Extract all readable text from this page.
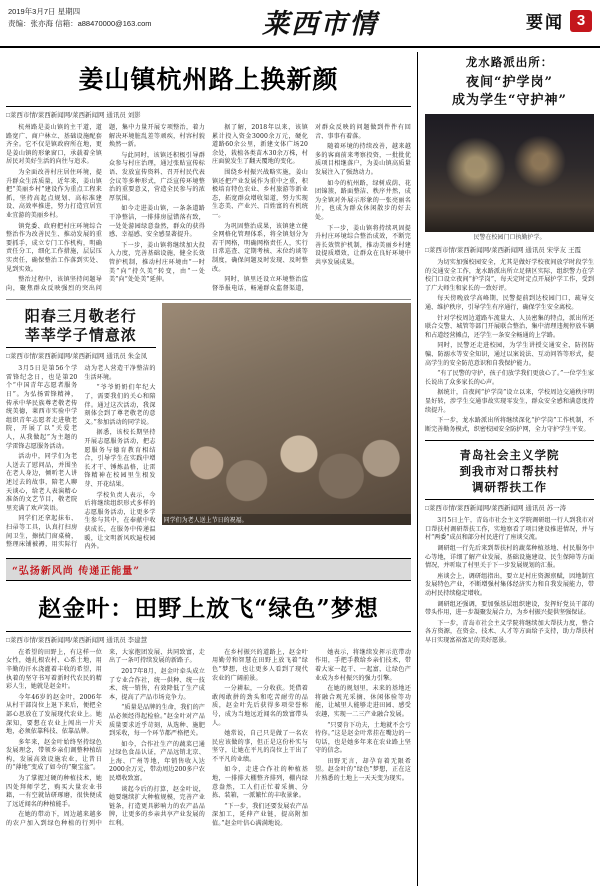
2019年3月7日 星期四
责编：张亦海 信箱：a88470000@163.com	莱西市情	要闻 3
姜山镇杭州路上换新颜
□莱西市情/莱西新闻网/莱西新闻网 通讯员 刘影

杭州路是姜山镇的主干道，道路宽广、商户林立、基础设施配套齐全。它不仅是镇政府所在地，更是姜山镇的形象窗口，承载着全镇居民对美好生活的向往与追求。

为全面改善村庄居住环境，提升群众生活质量，近年来，姜山镇把“美丽乡村”建设作为重点工程来抓，坚持高起点规划、高标准建设、高效率推进，努力打造宜居宜业宜游的美丽乡村。

镇党委、政府把村庄环境综合整治作为改善民生、推动发展的重要抓手，成立专门工作机构，明确责任分工，细化工作措施，层层压实责任，确保整治工作落到实处、见到实效。

整治过程中，该镇坚持问题导向，聚焦群众反映强烈的突出问题，集中力量开展专项整治，着力解决环境脏乱差等顽疾，村容村貌焕然一新。

与此同时，该镇还积极引导群众参与村庄治理，通过张贴宣传标语、发放宣传资料、召开村民代表会议等多种形式，广泛宣传环境整治的重要意义，营造全民参与的浓厚氛围。

如今走进姜山镇，一条条道路干净整洁，一排排房屋错落有致，一处处游园绿意盎然，群众的获得感、幸福感、安全感显著提升。

下一步，姜山镇将继续加大投入力度，完善基础设施，健全长效管护机制，推动村庄环境由“一时美”向“持久美”转变，由“一处美”向“处处美”延伸。

据了解，2018年以来，该镇累计投入资金3000余万元，硬化道路60余公里，新建文体广场20余处，栽植各类苗木30余万株，村庄面貌发生了翻天覆地的变化。

围绕乡村振兴战略实施，姜山镇还把产业发展作为重中之重，积极培育特色农业、乡村旅游等新业态，拓宽群众增收渠道，努力实现生态美、产业兴、百姓富的有机统一。

为巩固整治成果，该镇建立健全网格化管理体系，将全镇划分为若干网格，明确网格责任人，实行日常巡查、定期考核、末位约谈等制度，确保问题及时发现、及时整改。

同时，镇里还设立环境整治监督举报电话，畅通群众监督渠道，对群众反映的问题做到件件有回音、事事有着落。

随着环境的持续改善，越来越多的客商前来考察投资，一批批优质项目相继落户，为姜山镇高质量发展注入了强劲动力。

如今的杭州路，绿树成荫、花团锦簇，路面整洁、秩序井然，成为全镇对外展示形象的一张亮丽名片，也成为群众休闲散步的好去处。

下一步，姜山镇将持续巩固提升村庄环境综合整治成效，不断完善长效管护机制，推动美丽乡村建设提质增效，让群众在良好环境中共享发展成果。

阳春三月敬老行
莘莘学子情意浓
□莱西市情/莱西新闻网/莱西新闻网 通讯员 朱金凤

3月5日是第56个学雷锋纪念日，也是第20个“中国青年志愿者服务日”。为弘扬雷锋精神，传承中华民族尊老敬老传统美德，莱西市实验中学组织青年志愿者走进敬老院，开展了以“关爱老人，从我做起”为主题的学雷锋志愿服务活动。

活动中，同学们为老人送去了慰问品，并围坐在老人身边，倾听老人讲述过去的故事，陪老人聊天谈心，给老人表演精心准备的文艺节目，敬老院里充满了欢声笑语。

同学们还拿起抹布、扫帚等工具，认真打扫房间卫生，擦拭门窗桌椅，整理床铺被褥，用实际行动为老人营造干净整洁的生活环境。

“爷爷奶奶们年纪大了，需要我们的关心和陪伴。通过这次活动，我深刻体会到了尊老敬老的意义。”参加活动的同学说。

据悉，该校长期坚持开展志愿服务活动，把志愿服务与德育教育相结合，引导学生在实践中增长才干、锤炼品格，让雷锋精神在校园里生根发芽、开花结果。

学校负责人表示，今后将继续组织形式多样的志愿服务活动，让更多学生参与其中，在奉献中收获成长，在服务中传递温暖，让文明新风吹遍校园内外。

同学们为老人送上节日的祝福。
“弘扬新风尚 传递正能量”
赵金叶：田野上放飞“绿色”梦想
□莱西市情/莱西新闻网/莱西新闻网 通讯员 李建慧

在希望的田野上，有这样一位女性，她扎根农村、心系土地，用辛勤的汗水浇灌着丰收的希望，用执着的坚守书写着新时代农民的精彩人生，她就是赵金叶。

今年46岁的赵金叶，2006年从村干部岗位上退下来后，便把全部心思放在了发展现代农业上。她深知，要想在农业上闯出一片天地，必须依靠科技、依靠品牌。

多年来，赵金叶始终坚持绿色发展理念，带领乡亲们调整种植结构，发展高效设施农业，让昔日的“薄地”变成了如今的“聚宝盆”。

为了掌握过硬的种植技术，她四处拜师学艺，购买大量农业书籍，一有空就钻研琢磨，很快便成了远近闻名的种植能手。

在她的带动下，周边越来越多的农户加入到绿色种植的行列中来，大家抱团发展、共同致富，走出了一条可持续发展的新路子。

2017年8月，赵金叶牵头成立了专业合作社，统一供种、统一技术、统一销售，有效降低了生产成本，提高了产品市场竞争力。

“质量是品牌的生命，我们的产品必须经得起检验。”赵金叶对产品质量要求近乎苛刻，从选种、施肥到采收，每一个环节都严格把关。

如今，合作社生产的蔬菜已通过绿色食品认证，产品远销北京、上海、广州等地，年销售收入达2000余万元，带动周边200多户农民增收致富。

谈起今后的打算，赵金叶说，她要继续扩大种植规模，完善产业链条，打造更具影响力的农产品品牌，让更多的乡亲共享产业发展的红利。

在乡村振兴的道路上，赵金叶用勤劳和智慧在田野上放飞着“绿色”梦想，也让更多人看到了现代农业的广阔前景。

一分耕耘，一分收获。凭借着敢闯敢拼的劲头和吃苦耐劳的品质，赵金叶先后获得多项荣誉称号，成为当地远近闻名的致富带头人。

她常说，自己只是做了一名农民应该做的事，但正是这份朴实与坚守，让她在平凡的岗位上干出了不平凡的业绩。

如今，走进合作社的种植基地，一排排大棚整齐排列，棚内绿意盎然，工人们正忙着采摘、分拣、装箱，一派繁忙的丰收景象。

“下一步，我们还要发展农产品深加工，延伸产业链，提高附加值。”赵金叶信心满满地说。

她表示，将继续发挥示范带动作用，手把手教给乡亲们技术，带着大家一起干、一起富，让绿色产业成为乡村振兴的强力引擎。

在她的规划里，未来的基地还将融合观光采摘、休闲体验等功能，让城里人能够走进田园、感受农趣，实现一二三产业融合发展。

“只要肯下功夫，土地就不会亏待你。”这是赵金叶常挂在嘴边的一句话，也是她多年来在农业路上坚守的信念。

田野无言，却孕育着无限希望。赵金叶的“绿色”梦想，正在这片熟悉的土地上一天天变为现实。

龙水路派出所：
夜间“护学岗”
成为学生“守护神”
民警在校园门口执勤护学。
□莱西市情/莱西新闻网/莱西新闻网 通讯员 宋学友 王霞

为切实加强校园安全，尤其是做好学校夜间放学时段学生的交通安全工作，龙水路派出所立足辖区实际，组织警力在学校门口设立夜间“护学岗”，每天定时定点开展护学工作，受到了广大师生和家长的一致好评。

每天傍晚放学高峰期，民警提前到达校园门口，疏导交通、维护秩序，引导学生有序通行，确保学生安全离校。

针对学校周边道路车流量大、人员密集的特点，派出所还联合交警、城管等部门开展联合整治，集中清理违规停放车辆和占道经营摊点，还学生一条安全畅通的上学路。

同时，民警还走进校园，为学生讲授交通安全、防拐防骗、防溺水等安全知识，通过以案说法、互动问答等形式，提高学生的安全防范意识和自我保护能力。

“有了民警的守护，孩子们放学我们更放心了。”一位学生家长说出了众多家长的心声。

据统计，自夜间“护学岗”设立以来，学校周边交通秩序明显好转，涉学生交通事故实现零发生，群众安全感和满意度持续提升。

下一步，龙水路派出所将继续深化“护学岗”工作机制，不断完善勤务模式，织密校园安全防护网，全力守护学生平安。

青岛社会主义学院
到我市对口帮扶村
调研帮扶工作
□莱西市情/莱西新闻网/莱西新闻网 通讯员 苏一涛

3月5日上午，青岛市社会主义学院调研组一行人到我市对口帮扶村调研帮扶工作，实地察看了项目建设推进情况，并与村“两委”成员和部分村民进行了座谈交流。

调研组一行先后来到帮扶村的蔬菜种植基地、村民服务中心等地，详细了解产业发展、基础设施建设、民生保障等方面情况，并听取了村里关于下一步发展规划的汇报。

座谈会上，调研组指出，要立足村庄资源禀赋，因地制宜发展特色产业，不断增强村集体经济实力和自我发展能力，带动村民持续稳定增收。

调研组还强调，要加强基层组织建设，发挥好党员干部的带头作用，进一步凝聚发展合力，为乡村振兴提供坚强保证。

下一步，青岛市社会主义学院将继续加大帮扶力度，整合各方资源，在资金、技术、人才等方面给予支持，助力帮扶村早日实现富裕富足的美好愿景。
